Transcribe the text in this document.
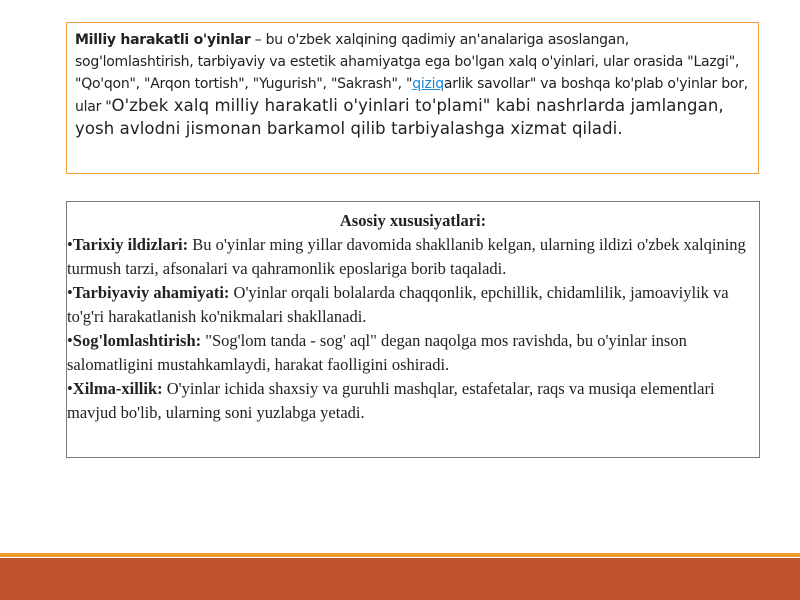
Milliy harakatli o'yinlar – bu o'zbek xalqining qadimiy an'analariga asoslangan, sog'lomlashtirish, tarbiyaviy va estetik ahamiyatga ega bo'lgan xalq o'yinlari, ular orasida "Lazgi", "Qo'qon", "Arqon tortish", "Yugurish", "Sakrash", "qiziqarlik savollar" va boshqa ko'plab o'yinlar bor, ular "O'zbek xalq milliy harakatli o'yinlari to'plami" kabi nashrlarda jamlangan, yosh avlodni jismonan barkamol qilib tarbiyalashga xizmat qiladi.
Asosiy xususiyatlari:
•Tarixiy ildizlari: Bu o'yinlar ming yillar davomida shakllanib kelgan, ularning ildizi o'zbek xalqining turmush tarzi, afsonalari va qahramonlik eposlariga borib taqaladi.
•Tarbiyaviy ahamiyati: O'yinlar orqali bolalarda chaqqonlik, epchillik, chidamlilik, jamoaviylik va to'g'ri harakatlanish ko'nikmalari shakllanadi.
•Sog'lomlashtirish: "Sog'lom tanda - sog' aql" degan naqolga mos ravishda, bu o'yinlar inson salomatligini mustahkamlaydi, harakat faolligini oshiradi.
•Xilma-xillik: O'yinlar ichida shaxsiy va guruhli mashqlar, estafetalar, raqs va musiqa elementlari mavjud bo'lib, ularning soni yuzlabga yetadi.
